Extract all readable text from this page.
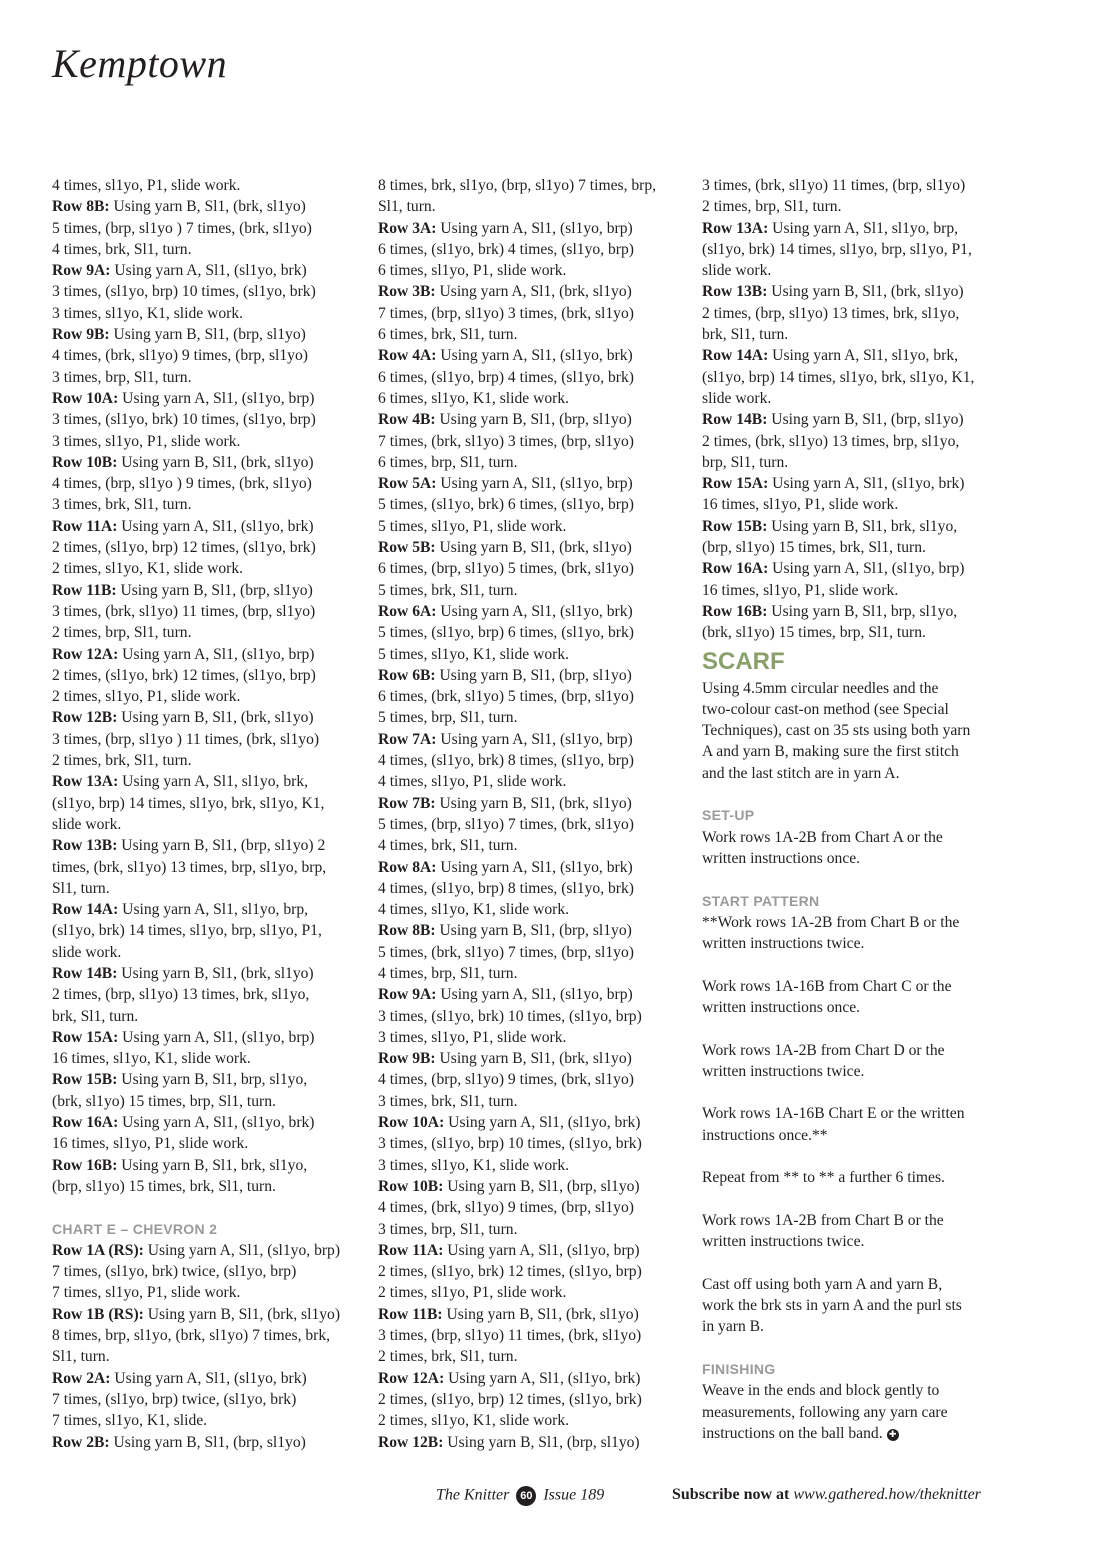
Kemptown
4 times, sl1yo, P1, slide work.
Row 8B: Using yarn B, Sl1, (brk, sl1yo)
5 times, (brp, sl1yo ) 7 times, (brk, sl1yo)
4 times, brk, Sl1, turn.
Row 9A: Using yarn A, Sl1, (sl1yo, brk)
3 times, (sl1yo, brp) 10 times, (sl1yo, brk)
3 times, sl1yo, K1, slide work.
Row 9B: Using yarn B, Sl1, (brp, sl1yo)
4 times, (brk, sl1yo) 9 times, (brp, sl1yo)
3 times, brp, Sl1, turn.
Row 10A: Using yarn A, Sl1, (sl1yo, brp)
3 times, (sl1yo, brk) 10 times, (sl1yo, brp)
3 times, sl1yo, P1, slide work.
Row 10B: Using yarn B, Sl1, (brk, sl1yo)
4 times, (brp, sl1yo ) 9 times, (brk, sl1yo)
3 times, brk, Sl1, turn.
Row 11A: Using yarn A, Sl1, (sl1yo, brk)
2 times, (sl1yo, brp) 12 times, (sl1yo, brk)
2 times, sl1yo, K1, slide work.
Row 11B: Using yarn B, Sl1, (brp, sl1yo)
3 times, (brk, sl1yo) 11 times, (brp, sl1yo)
2 times, brp, Sl1, turn.
Row 12A: Using yarn A, Sl1, (sl1yo, brp)
2 times, (sl1yo, brk) 12 times, (sl1yo, brp)
2 times, sl1yo, P1, slide work.
Row 12B: Using yarn B, Sl1, (brk, sl1yo)
3 times, (brp, sl1yo ) 11 times, (brk, sl1yo)
2 times, brk, Sl1, turn.
Row 13A: Using yarn A, Sl1, sl1yo, brk,
(sl1yo, brp) 14 times, sl1yo, brk, sl1yo, K1,
slide work.
Row 13B: Using yarn B, Sl1, (brp, sl1yo) 2
times, (brk, sl1yo) 13 times, brp, sl1yo, brp,
Sl1, turn.
Row 14A: Using yarn A, Sl1, sl1yo, brp,
(sl1yo, brk) 14 times, sl1yo, brp, sl1yo, P1,
slide work.
Row 14B: Using yarn B, Sl1, (brk, sl1yo)
2 times, (brp, sl1yo) 13 times, brk, sl1yo,
brk, Sl1, turn.
Row 15A: Using yarn A, Sl1, (sl1yo, brp)
16 times, sl1yo, K1, slide work.
Row 15B: Using yarn B, Sl1, brp, sl1yo,
(brk, sl1yo) 15 times, brp, Sl1, turn.
Row 16A: Using yarn A, Sl1, (sl1yo, brk)
16 times, sl1yo, P1, slide work.
Row 16B: Using yarn B, Sl1, brk, sl1yo,
(brp, sl1yo) 15 times, brk, Sl1, turn.
CHART E – CHEVRON 2
Row 1A (RS): Using yarn A, Sl1, (sl1yo, brp)
7 times, (sl1yo, brk) twice, (sl1yo, brp)
7 times, sl1yo, P1, slide work.
Row 1B (RS): Using yarn B, Sl1, (brk, sl1yo)
8 times, brp, sl1yo, (brk, sl1yo) 7 times, brk,
Sl1, turn.
Row 2A: Using yarn A, Sl1, (sl1yo, brk)
7 times, (sl1yo, brp) twice, (sl1yo, brk)
7 times, sl1yo, K1, slide.
Row 2B: Using yarn B, Sl1, (brp, sl1yo)
8 times, brk, sl1yo, (brp, sl1yo) 7 times, brp,
Sl1, turn.
Row 3A: Using yarn A, Sl1, (sl1yo, brp)
6 times, (sl1yo, brk) 4 times, (sl1yo, brp)
6 times, sl1yo, P1, slide work.
Row 3B: Using yarn A, Sl1, (brk, sl1yo)
7 times, (brp, sl1yo) 3 times, (brk, sl1yo)
6 times, brk, Sl1, turn.
Row 4A: Using yarn A, Sl1, (sl1yo, brk)
6 times, (sl1yo, brp) 4 times, (sl1yo, brk)
6 times, sl1yo, K1, slide work.
Row 4B: Using yarn B, Sl1, (brp, sl1yo)
7 times, (brk, sl1yo) 3 times, (brp, sl1yo)
6 times, brp, Sl1, turn.
Row 5A: Using yarn A, Sl1, (sl1yo, brp)
5 times, (sl1yo, brk) 6 times, (sl1yo, brp)
5 times, sl1yo, P1, slide work.
Row 5B: Using yarn B, Sl1, (brk, sl1yo)
6 times, (brp, sl1yo) 5 times, (brk, sl1yo)
5 times, brk, Sl1, turn.
Row 6A: Using yarn A, Sl1, (sl1yo, brk)
5 times, (sl1yo, brp) 6 times, (sl1yo, brk)
5 times, sl1yo, K1, slide work.
Row 6B: Using yarn B, Sl1, (brp, sl1yo)
6 times, (brk, sl1yo) 5 times, (brp, sl1yo)
5 times, brp, Sl1, turn.
Row 7A: Using yarn A, Sl1, (sl1yo, brp)
4 times, (sl1yo, brk) 8 times, (sl1yo, brp)
4 times, sl1yo, P1, slide work.
Row 7B: Using yarn B, Sl1, (brk, sl1yo)
5 times, (brp, sl1yo) 7 times, (brk, sl1yo)
4 times, brk, Sl1, turn.
Row 8A: Using yarn A, Sl1, (sl1yo, brk)
4 times, (sl1yo, brp) 8 times, (sl1yo, brk)
4 times, sl1yo, K1, slide work.
Row 8B: Using yarn B, Sl1, (brp, sl1yo)
5 times, (brk, sl1yo) 7 times, (brp, sl1yo)
4 times, brp, Sl1, turn.
Row 9A: Using yarn A, Sl1, (sl1yo, brp)
3 times, (sl1yo, brk) 10 times, (sl1yo, brp)
3 times, sl1yo, P1, slide work.
Row 9B: Using yarn B, Sl1, (brk, sl1yo)
4 times, (brp, sl1yo) 9 times, (brk, sl1yo)
3 times, brk, Sl1, turn.
Row 10A: Using yarn A, Sl1, (sl1yo, brk)
3 times, (sl1yo, brp) 10 times, (sl1yo, brk)
3 times, sl1yo, K1, slide work.
Row 10B: Using yarn B, Sl1, (brp, sl1yo)
4 times, (brk, sl1yo) 9 times, (brp, sl1yo)
3 times, brp, Sl1, turn.
Row 11A: Using yarn A, Sl1, (sl1yo, brp)
2 times, (sl1yo, brk) 12 times, (sl1yo, brp)
2 times, sl1yo, P1, slide work.
Row 11B: Using yarn B, Sl1, (brk, sl1yo)
3 times, (brp, sl1yo) 11 times, (brk, sl1yo)
2 times, brk, Sl1, turn.
Row 12A: Using yarn A, Sl1, (sl1yo, brk)
2 times, (sl1yo, brp) 12 times, (sl1yo, brk)
2 times, sl1yo, K1, slide work.
Row 12B: Using yarn B, Sl1, (brp, sl1yo)
3 times, (brk, sl1yo) 11 times, (brp, sl1yo)
2 times, brp, Sl1, turn.
Row 13A: Using yarn A, Sl1, sl1yo, brp,
(sl1yo, brk) 14 times, sl1yo, brp, sl1yo, P1,
slide work.
Row 13B: Using yarn B, Sl1, (brk, sl1yo)
2 times, (brp, sl1yo) 13 times, brk, sl1yo,
brk, Sl1, turn.
Row 14A: Using yarn A, Sl1, sl1yo, brk,
(sl1yo, brp) 14 times, sl1yo, brk, sl1yo, K1,
slide work.
Row 14B: Using yarn B, Sl1, (brp, sl1yo)
2 times, (brk, sl1yo) 13 times, brp, sl1yo,
brp, Sl1, turn.
Row 15A: Using yarn A, Sl1, (sl1yo, brk)
16 times, sl1yo, P1, slide work.
Row 15B: Using yarn B, Sl1, brk, sl1yo,
(brp, sl1yo) 15 times, brk, Sl1, turn.
Row 16A: Using yarn A, Sl1, (sl1yo, brp)
16 times, sl1yo, P1, slide work.
Row 16B: Using yarn B, Sl1, brp, sl1yo,
(brk, sl1yo) 15 times, brp, Sl1, turn.
SCARF
Using 4.5mm circular needles and the
two-colour cast-on method (see Special
Techniques), cast on 35 sts using both yarn
A and yarn B, making sure the first stitch
and the last stitch are in yarn A.
SET-UP
Work rows 1A-2B from Chart A or the
written instructions once.
START PATTERN
**Work rows 1A-2B from Chart B or the
written instructions twice.
Work rows 1A-16B from Chart C or the
written instructions once.
Work rows 1A-2B from Chart D or the
written instructions twice.
Work rows 1A-16B Chart E or the written
instructions once.**
Repeat from ** to ** a further 6 times.
Work rows 1A-2B from Chart B or the
written instructions twice.
Cast off using both yarn A and yarn B,
work the brk sts in yarn A and the purl sts
in yarn B.
FINISHING
Weave in the ends and block gently to
measurements, following any yarn care
instructions on the ball band. ✚
The Knitter 60 Issue 189	Subscribe now at www.gathered.how/theknitter
